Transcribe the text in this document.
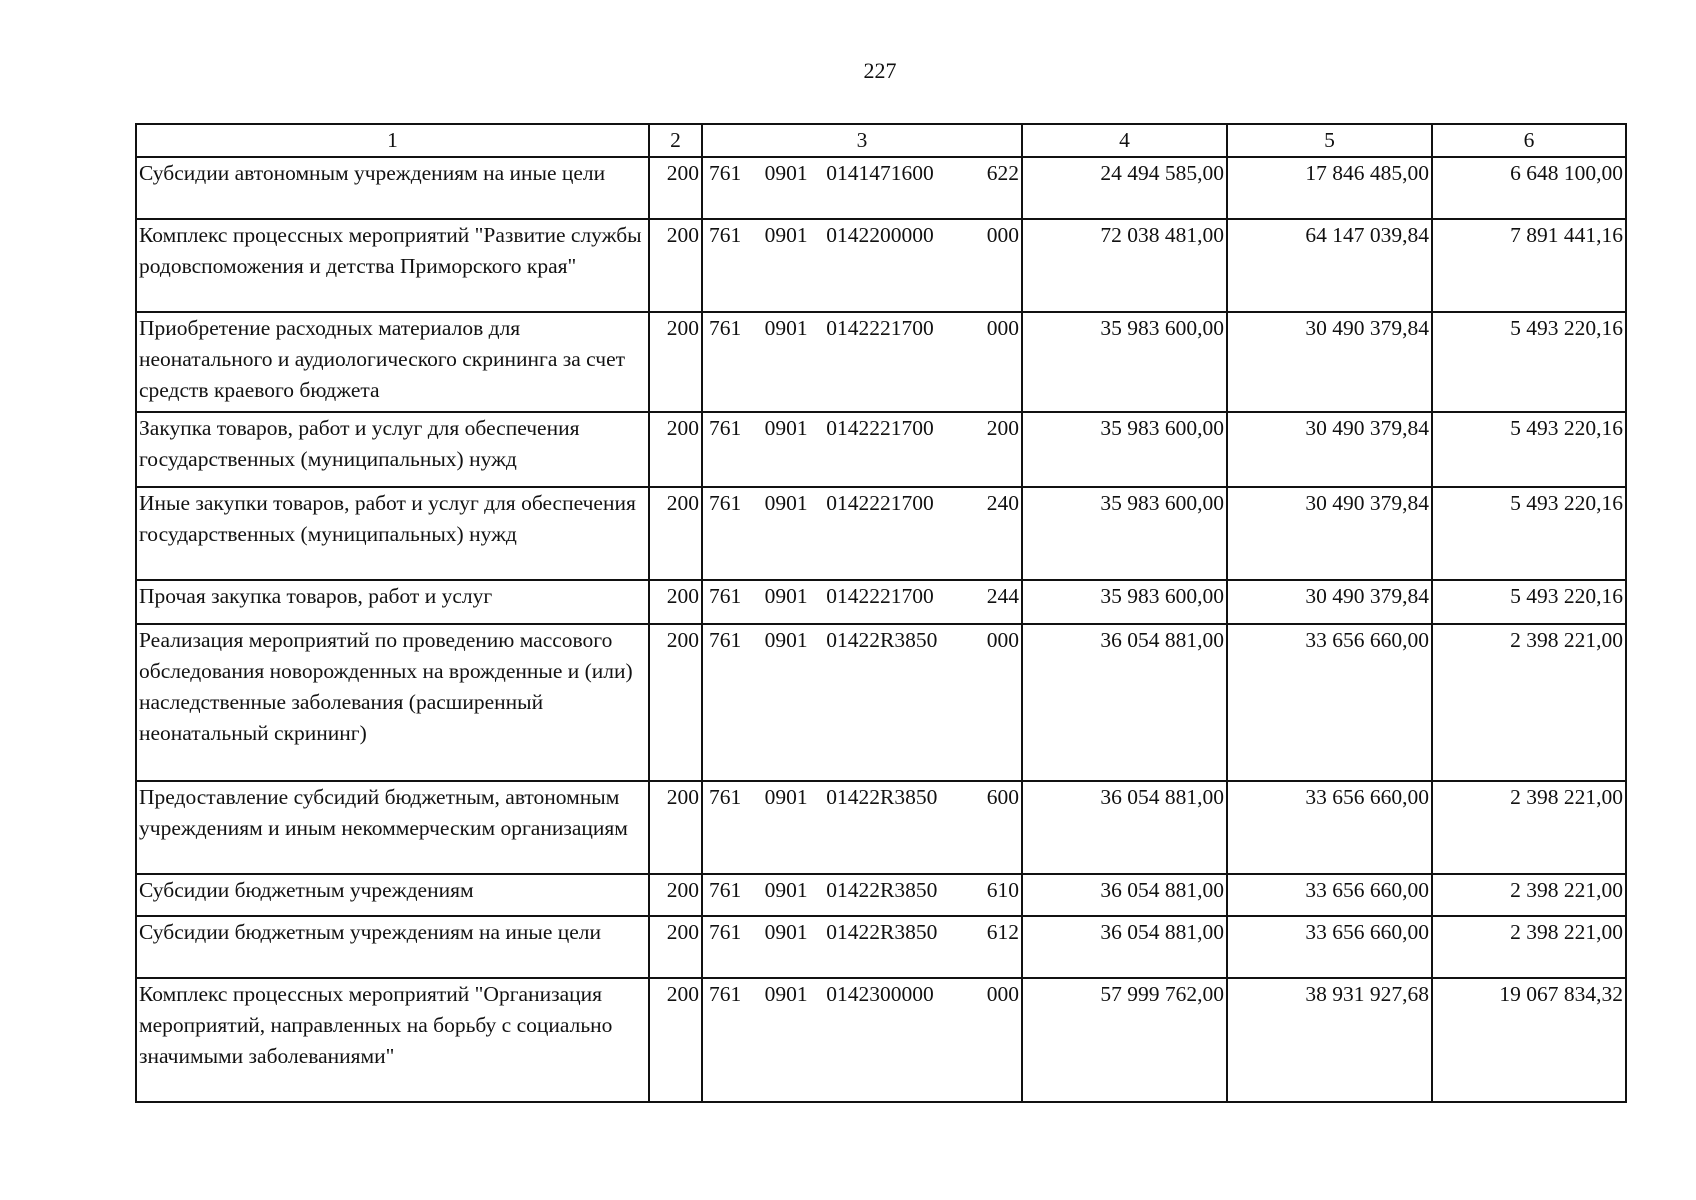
227
1	2	3	4	5	6
Субсидии автономным учреждениям на иные цели	200	761 0901 0141471600 622	24 494 585,00	17 846 485,00	6 648 100,00
Комплекс процессных мероприятий "Развитие службы родовспоможения и детства Приморского края"	200	761 0901 0142200000 000	72 038 481,00	64 147 039,84	7 891 441,16
Приобретение расходных материалов для неонатального и аудиологического скрининга за счет средств краевого бюджета	200	761 0901 0142221700 000	35 983 600,00	30 490 379,84	5 493 220,16
Закупка товаров, работ и услуг для обеспечения государственных (муниципальных) нужд	200	761 0901 0142221700 200	35 983 600,00	30 490 379,84	5 493 220,16
Иные закупки товаров, работ и услуг для обеспечения государственных (муниципальных) нужд	200	761 0901 0142221700 240	35 983 600,00	30 490 379,84	5 493 220,16
Прочая закупка товаров, работ и услуг	200	761 0901 0142221700 244	35 983 600,00	30 490 379,84	5 493 220,16
Реализация мероприятий по проведению массового обследования новорожденных на врожденные и (или) наследственные заболевания (расширенный неонатальный скрининг)	200	761 0901 01422R3850 000	36 054 881,00	33 656 660,00	2 398 221,00
Предоставление субсидий бюджетным, автономным учреждениям и иным некоммерческим организациям	200	761 0901 01422R3850 600	36 054 881,00	33 656 660,00	2 398 221,00
Субсидии бюджетным учреждениям	200	761 0901 01422R3850 610	36 054 881,00	33 656 660,00	2 398 221,00
Субсидии бюджетным учреждениям на иные цели	200	761 0901 01422R3850 612	36 054 881,00	33 656 660,00	2 398 221,00
Комплекс процессных мероприятий "Организация мероприятий, направленных на борьбу с социально значимыми заболеваниями"	200	761 0901 0142300000 000	57 999 762,00	38 931 927,68	19 067 834,32
